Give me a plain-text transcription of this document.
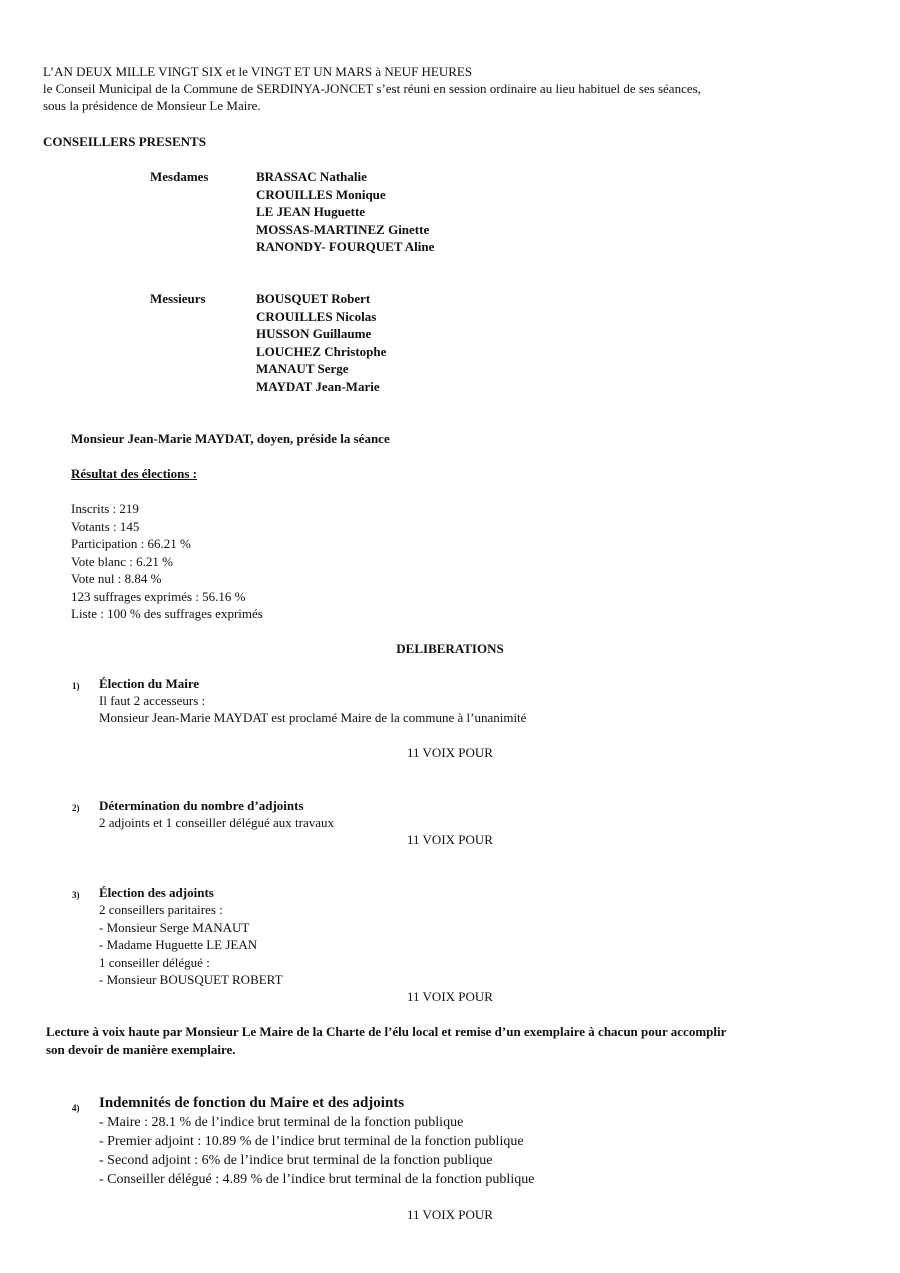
L’AN DEUX MILLE VINGT SIX et le VINGT ET UN MARS à NEUF HEURES
le Conseil Municipal de la Commune de SERDINYA-JONCET s’est réuni en session ordinaire au lieu habituel de ses séances,
sous la présidence de Monsieur Le Maire.
CONSEILLERS PRESENTS
Mesdames	BRASSAC Nathalie
CROUILLES Monique
LE JEAN Huguette
MOSSAS-MARTINEZ Ginette
RANONDY- FOURQUET Aline
Messieurs	BOUSQUET Robert
CROUILLES Nicolas
HUSSON Guillaume
LOUCHEZ Christophe
MANAUT Serge
MAYDAT Jean-Marie
Monsieur Jean-Marie MAYDAT, doyen, préside la séance
Résultat des élections :
Inscrits : 219
Votants : 145
Participation : 66.21 %
Vote blanc : 6.21 %
Vote nul : 8.84 %
123 suffrages exprimés : 56.16 %
Liste : 100 % des suffrages exprimés
DELIBERATIONS
1) Élection du Maire
Il faut 2 accesseurs :
Monsieur Jean-Marie MAYDAT est proclamé Maire de la commune à l’unanimité
11 VOIX POUR
2) Détermination du nombre d’adjoints
2 adjoints et 1 conseiller délégué aux travaux
11 VOIX POUR
3) Élection des adjoints
2 conseillers paritaires :
- Monsieur Serge MANAUT
- Madame Huguette LE JEAN
1 conseiller délégué :
- Monsieur BOUSQUET ROBERT
11 VOIX POUR
Lecture à voix haute par Monsieur Le Maire de la Charte de l’élu local et remise d’un exemplaire à chacun pour accomplir
son devoir de manière exemplaire.
4) Indemnités de fonction du Maire et des adjoints
- Maire : 28.1 % de l’indice brut terminal de la fonction publique
- Premier adjoint : 10.89 % de l’indice brut terminal de la fonction publique
- Second adjoint : 6% de l’indice brut terminal de la fonction publique
- Conseiller délégué : 4.89 % de l’indice brut terminal de la fonction publique
11 VOIX POUR
